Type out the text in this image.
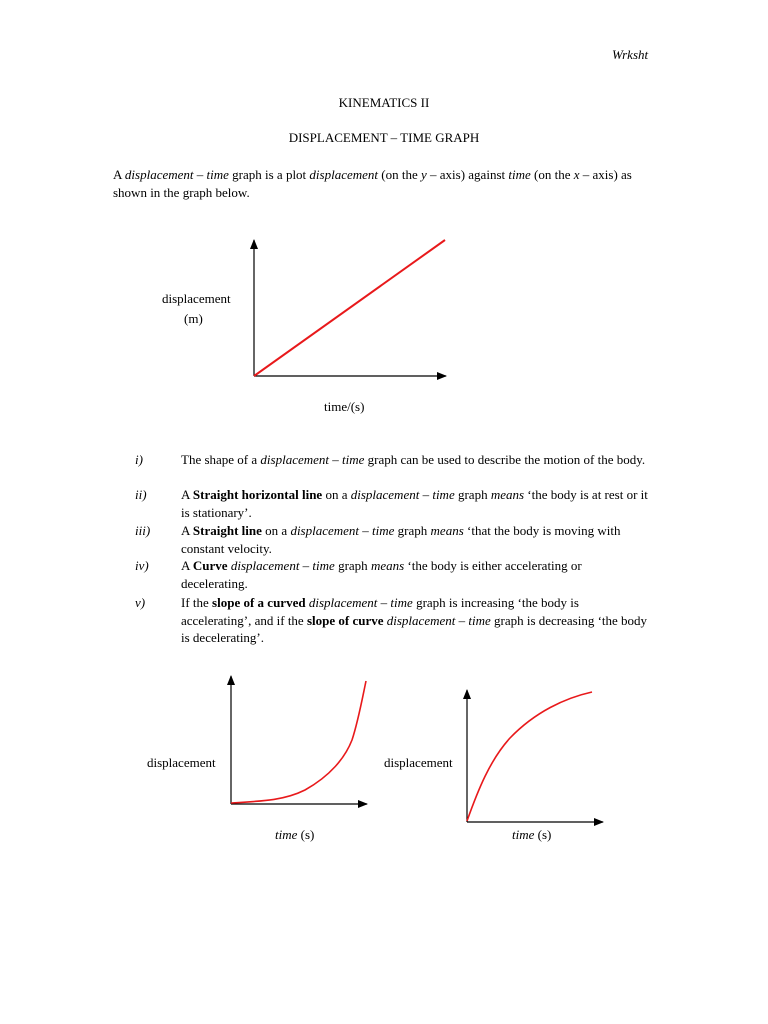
Wrksht
KINEMATICS II
DISPLACEMENT – TIME GRAPH
A displacement – time graph is a plot displacement (on the y – axis) against time (on the x – axis) as shown in the graph below.
displacement
(m)
time/(s)
i)	The shape of a displacement – time graph can be used to describe the motion of the body.
ii)	A Straight horizontal line on a displacement – time graph means ‘the body is at rest or it is stationary’.
iii) A Straight line on a displacement – time graph means ‘that the body is moving with constant velocity.
iv) A Curve displacement – time graph means ‘the body is either accelerating or decelerating.
v)	If the slope of a curved displacement – time graph is increasing ‘the body is accelerating’, and if the slope of curve displacement – time graph is decreasing ‘the body is decelerating’.
displacement
time (s)
displacement
time (s)
